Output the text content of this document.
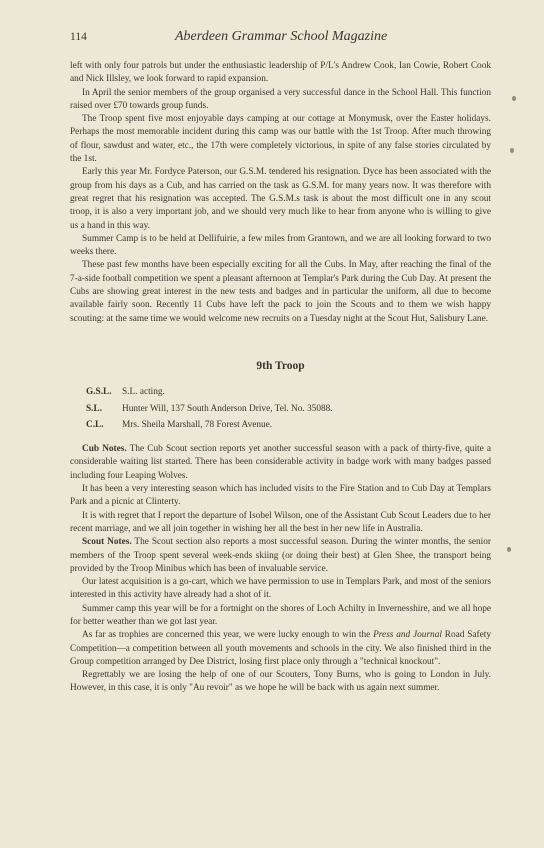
114	Aberdeen Grammar School Magazine

left with only four patrols but under the enthusiastic leadership of P/L's Andrew Cook, Ian Cowie, Robert Cook and Nick Illsley, we look forward to rapid expansion.

In April the senior members of the group organised a very successful dance in the School Hall. This function raised over £70 towards group funds.

The Troop spent five most enjoyable days camping at our cottage at Monymusk, over the Easter holidays. Perhaps the most memorable incident during this camp was our battle with the 1st Troop. After much throwing of flour, sawdust and water, etc., the 17th were completely victorious, in spite of any false stories circulated by the 1st.

Early this year Mr. Fordyce Paterson, our G.S.M. tendered his resignation. Dyce has been associated with the group from his days as a Cub, and has carried on the task as G.S.M. for many years now. It was therefore with great regret that his resignation was accepted. The G.S.M.s task is about the most difficult one in any scout troop, it is also a very important job, and we should very much like to hear from anyone who is willing to give us a hand in this way.

Summer Camp is to be held at Dellifuirie, a few miles from Grantown, and we are all looking forward to two weeks there.

These past few months have been especially exciting for all the Cubs. In May, after reaching the final of the 7-a-side football competition we spent a pleasant afternoon at Templar's Park during the Cub Day. At present the Cubs are showing great interest in the new tests and badges and in particular the uniform, all due to become available fairly soon. Recently 11 Cubs have left the pack to join the Scouts and to them we wish happy scouting: at the same time we would welcome new recruits on a Tuesday night at the Scout Hut, Salisbury Lane.

9th Troop
G.S.L.	S.L. acting.
S.L.	Hunter Will, 137 South Anderson Drive, Tel. No. 35088.
C.L.	Mrs. Sheila Marshall, 78 Forest Avenue.

Cub Notes. The Cub Scout section reports yet another successful season with a pack of thirty-five, quite a considerable waiting list started. There has been considerable activity in badge work with many badges passed including four Leaping Wolves.

It has been a very interesting season which has included visits to the Fire Station and to Cub Day at Templars Park and a picnic at Clinterty.

It is with regret that I report the departure of Isobel Wilson, one of the Assistant Cub Scout Leaders due to her recent marriage, and we all join together in wishing her all the best in her new life in Australia.

Scout Notes. The Scout section also reports a most successful season. During the winter months, the senior members of the Troop spent several week-ends skiing (or doing their best) at Glen Shee, the transport being provided by the Troop Minibus which has been of invaluable service.

Our latest acquisition is a go-cart, which we have permission to use in Templars Park, and most of the seniors interested in this activity have already had a shot of it.

Summer camp this year will be for a fortnight on the shores of Loch Achilty in Invernesshire, and we all hope for better weather than we got last year.

As far as trophies are concerned this year, we were lucky enough to win the Press and Journal Road Safety Competition—a competition between all youth movements and schools in the city. We also finished third in the Group competition arranged by Dee District, losing first place only through a "technical knockout".

Regrettably we are losing the help of one of our Scouters, Tony Burns, who is going to London in July. However, in this case, it is only "Au revoir" as we hope he will be back with us again next summer.
